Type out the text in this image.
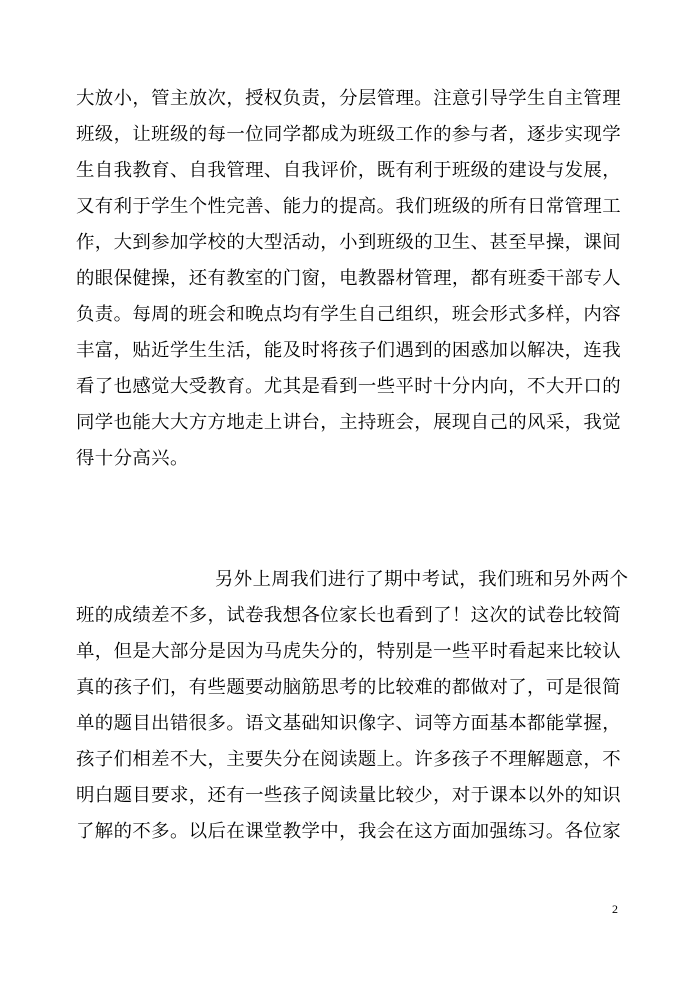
大放小，管主放次，授权负责，分层管理。注意引导学生自主管理
班级，让班级的每一位同学都成为班级工作的参与者，逐步实现学
生自我教育、自我管理、自我评价，既有利于班级的建设与发展，
又有利于学生个性完善、能力的提高。我们班级的所有日常管理工
作，大到参加学校的大型活动，小到班级的卫生、甚至早操，课间
的眼保健操，还有教室的门窗，电教器材管理，都有班委干部专人
负责。每周的班会和晚点均有学生自己组织，班会形式多样，内容
丰富，贴近学生生活，能及时将孩子们遇到的困惑加以解决，连我
看了也感觉大受教育。尤其是看到一些平时十分内向，不大开口的
同学也能大大方方地走上讲台，主持班会，展现自己的风采，我觉
得十分高兴。
另外上周我们进行了期中考试，我们班和另外两个
班的成绩差不多，试卷我想各位家长也看到了！这次的试卷比较简
单，但是大部分是因为马虎失分的，特别是一些平时看起来比较认
真的孩子们，有些题要动脑筋思考的比较难的都做对了，可是很简
单的题目出错很多。语文基础知识像字、词等方面基本都能掌握，
孩子们相差不大，主要失分在阅读题上。许多孩子不理解题意，不
明白题目要求，还有一些孩子阅读量比较少，对于课本以外的知识
了解的不多。以后在课堂教学中，我会在这方面加强练习。各位家
2
